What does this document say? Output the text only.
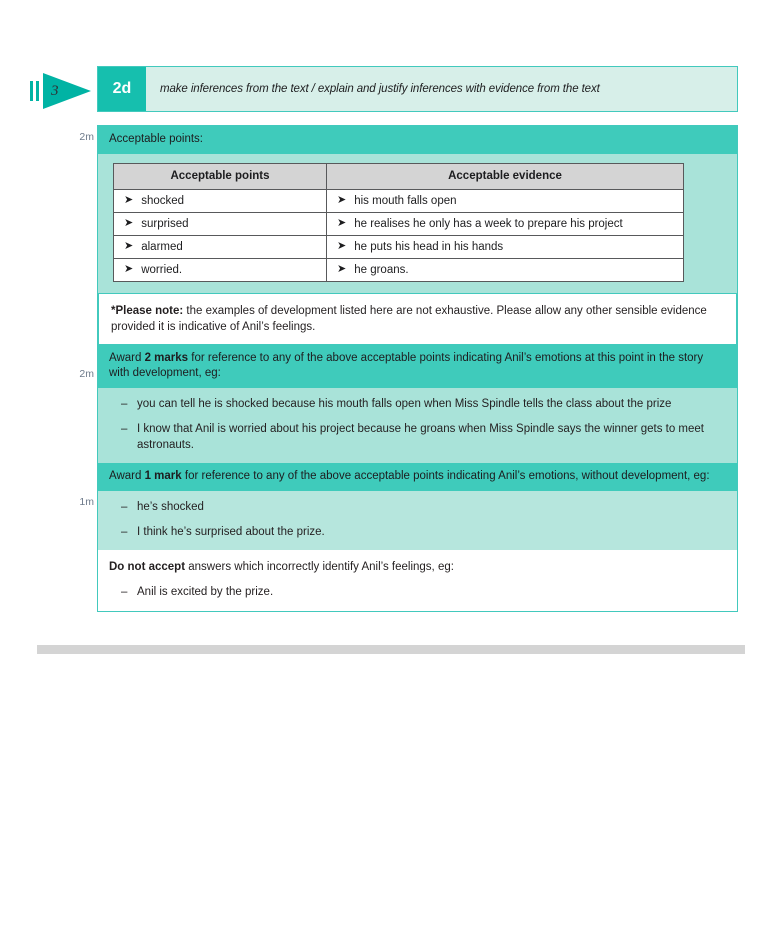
3
2m
2m
1m
2d	make inferences from the text / explain and justify inferences with evidence from the text
Acceptable points:
Acceptable points	Acceptable evidence

➤ shocked	➤ his mouth falls open

➤ surprised	➤ he realises he only has a week to prepare his project

➤ alarmed	➤ he puts his head in his hands

➤ worried.	➤ he groans.
*Please note: the examples of development listed here are not exhaustive. Please allow any other sensible evidence provided it is indicative of Anil’s feelings.
Award 2 marks for reference to any of the above acceptable points indicating Anil’s emotions at this point in the story with development, eg:
– you can tell he is shocked because his mouth falls open when Miss Spindle tells the class about the prize
– I know that Anil is worried about his project because he groans when Miss Spindle says the winner gets to meet astronauts.
Award 1 mark for reference to any of the above acceptable points indicating Anil’s emotions, without development, eg:
– he’s shocked
– I think he’s surprised about the prize.
Do not accept answers which incorrectly identify Anil’s feelings, eg:
– Anil is excited by the prize.
